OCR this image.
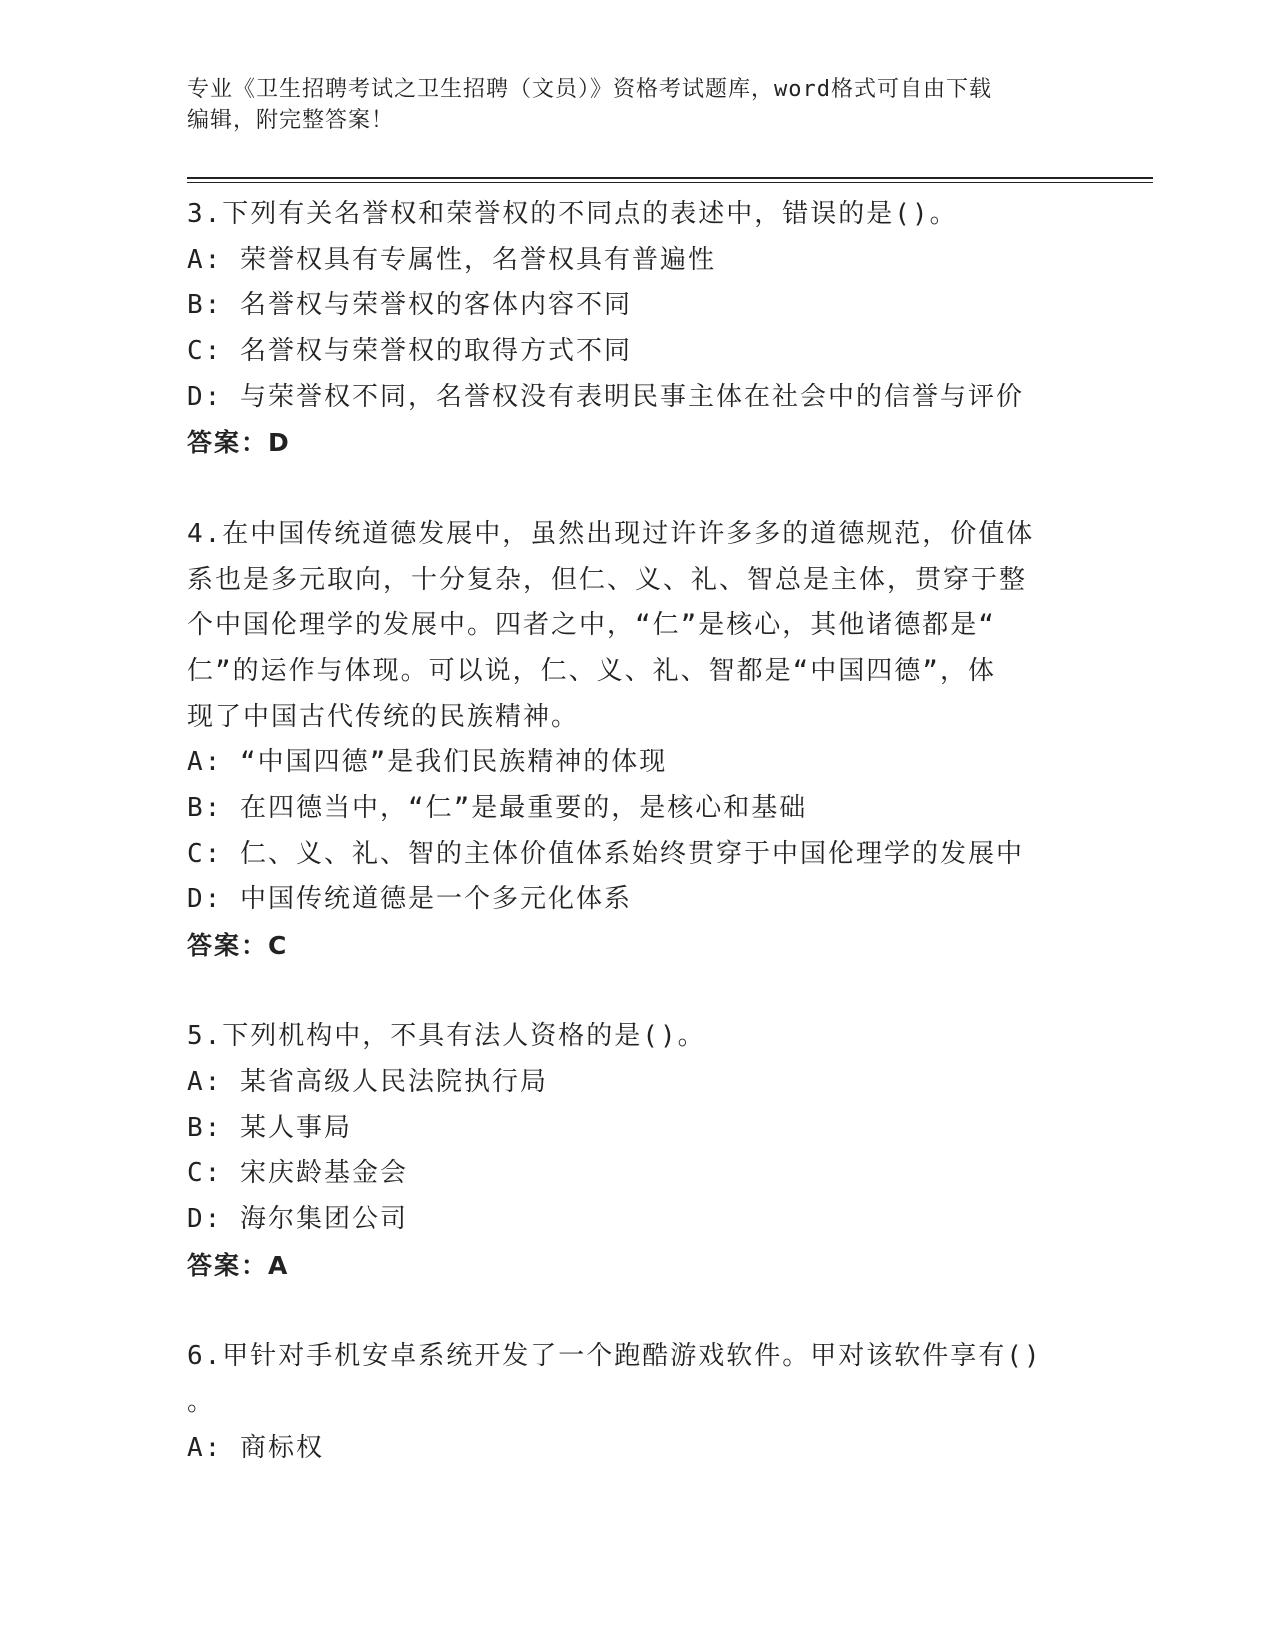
专业《卫生招聘考试之卫生招聘（文员）》资格考试题库，word格式可自由下载
编辑，附完整答案！
3.下列有关名誉权和荣誉权的不同点的表述中，错误的是()。
A: 荣誉权具有专属性，名誉权具有普遍性
B: 名誉权与荣誉权的客体内容不同
C: 名誉权与荣誉权的取得方式不同
D: 与荣誉权不同，名誉权没有表明民事主体在社会中的信誉与评价
答案：D
4.在中国传统道德发展中，虽然出现过许许多多的道德规范，价值体
系也是多元取向，十分复杂，但仁、义、礼、智总是主体，贯穿于整
个中国伦理学的发展中。四者之中，“仁”是核心，其他诸德都是“
仁”的运作与体现。可以说，仁、义、礼、智都是“中国四德”，体
现了中国古代传统的民族精神。
A: “中国四德”是我们民族精神的体现
B: 在四德当中，“仁”是最重要的，是核心和基础
C: 仁、义、礼、智的主体价值体系始终贯穿于中国伦理学的发展中
D: 中国传统道德是一个多元化体系
答案：C
5.下列机构中，不具有法人资格的是()。
A: 某省高级人民法院执行局
B: 某人事局
C: 宋庆龄基金会
D: 海尔集团公司
答案：A
6.甲针对手机安卓系统开发了一个跑酷游戏软件。甲对该软件享有()
。
A: 商标权
